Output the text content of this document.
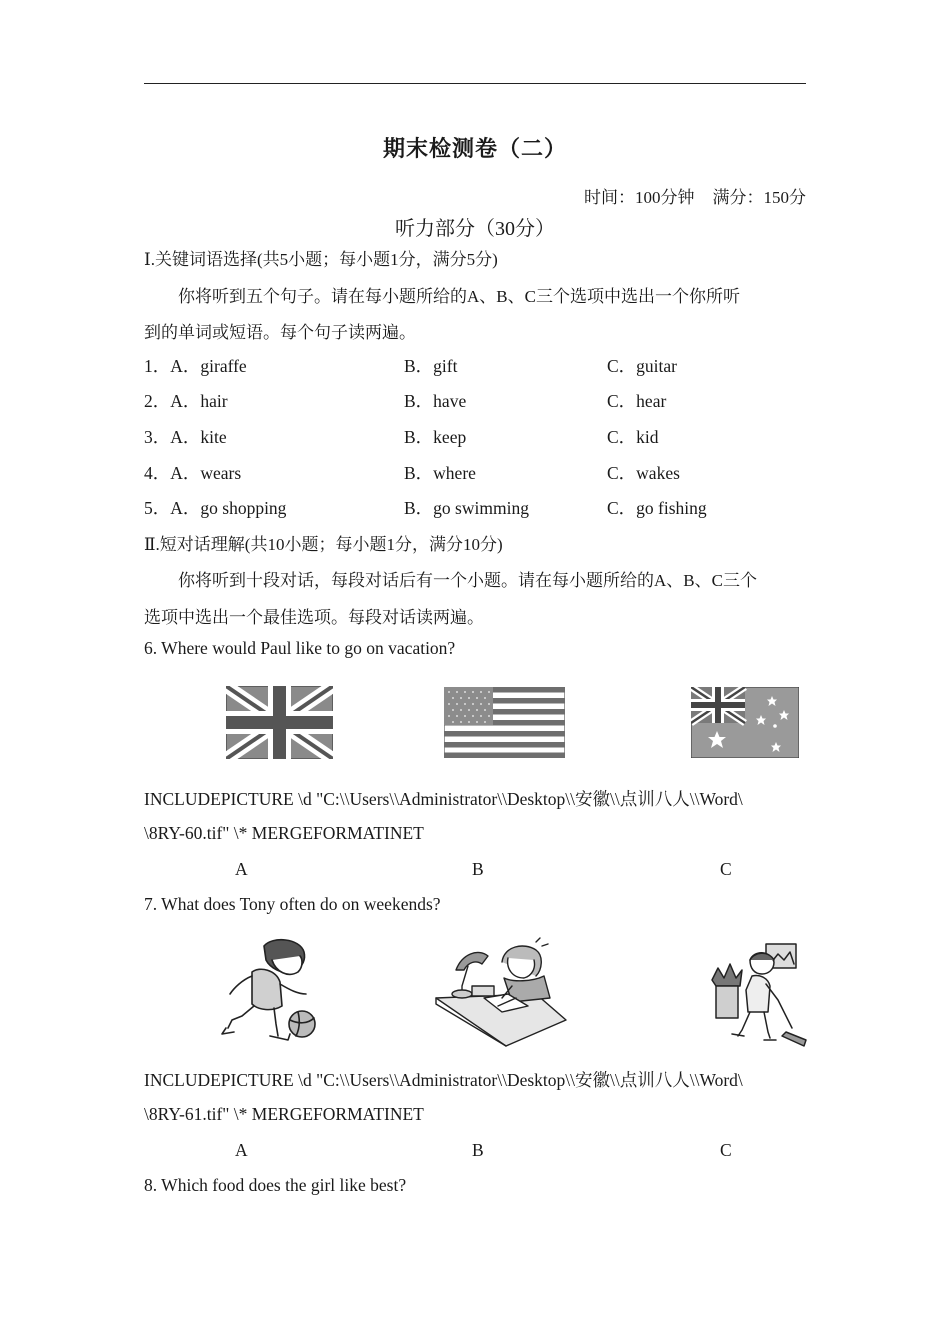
期末检测卷（二）
时间：100分钟 满分：150分
听力部分（30分）
Ⅰ.关键词语选择(共5小题；每小题1分，满分5分)
你将听到五个句子。请在每小题所给的A、B、C三个选项中选出一个你所听
到的单词或短语。每个句子读两遍。
1．A．giraffe	B．gift	C．guitar
2．A．hair	B．have	C．hear
3．A．kite	B．keep	C．kid
4．A．wears	B．where	C．wakes
5．A．go shopping	B．go swimming	C．go fishing
Ⅱ.短对话理解(共10小题；每小题1分，满分10分)
你将听到十段对话，每段对话后有一个小题。请在每小题所给的A、B、C三个
选项中选出一个最佳选项。每段对话读两遍。
6. Where would Paul like to go on vacation?
INCLUDEPICTURE \d "C:\\Users\\Administrator\\Desktop\\安徽\\点训八人\\Word\
\8RY-60.tif" \* MERGEFORMATINET
A	B	C
7. What does Tony often do on weekends?
INCLUDEPICTURE \d "C:\\Users\\Administrator\\Desktop\\安徽\\点训八人\\Word\
\8RY-61.tif" \* MERGEFORMATINET
A	B	C
8. Which food does the girl like best?
